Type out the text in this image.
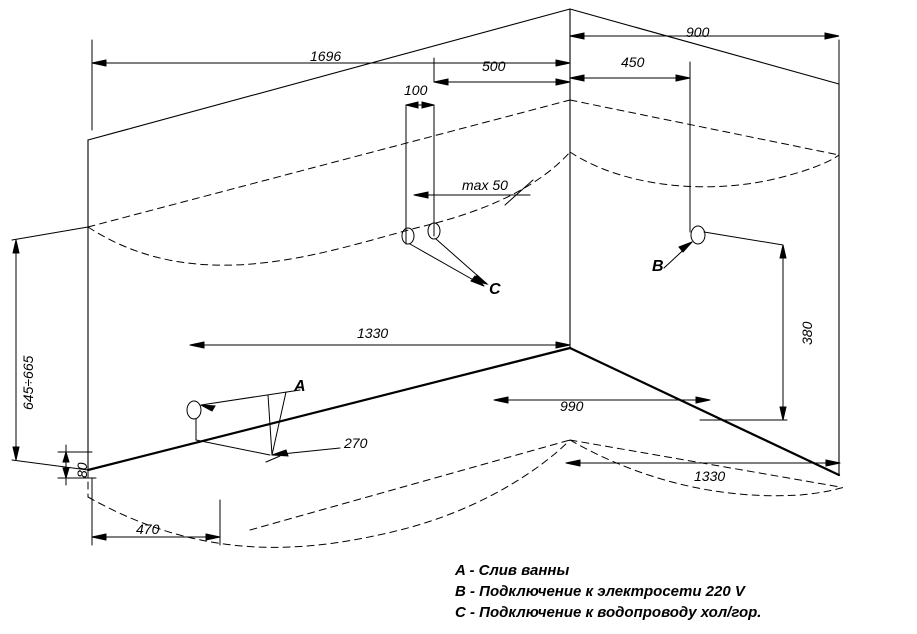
1696
900
500	450
100
max 50
1330	380
990
1330
645÷665
80
470
270
A
B
C
A - Слив ванны
B - Подключение к электросети 220 V
C - Подключение к водопроводу хол/гор.
